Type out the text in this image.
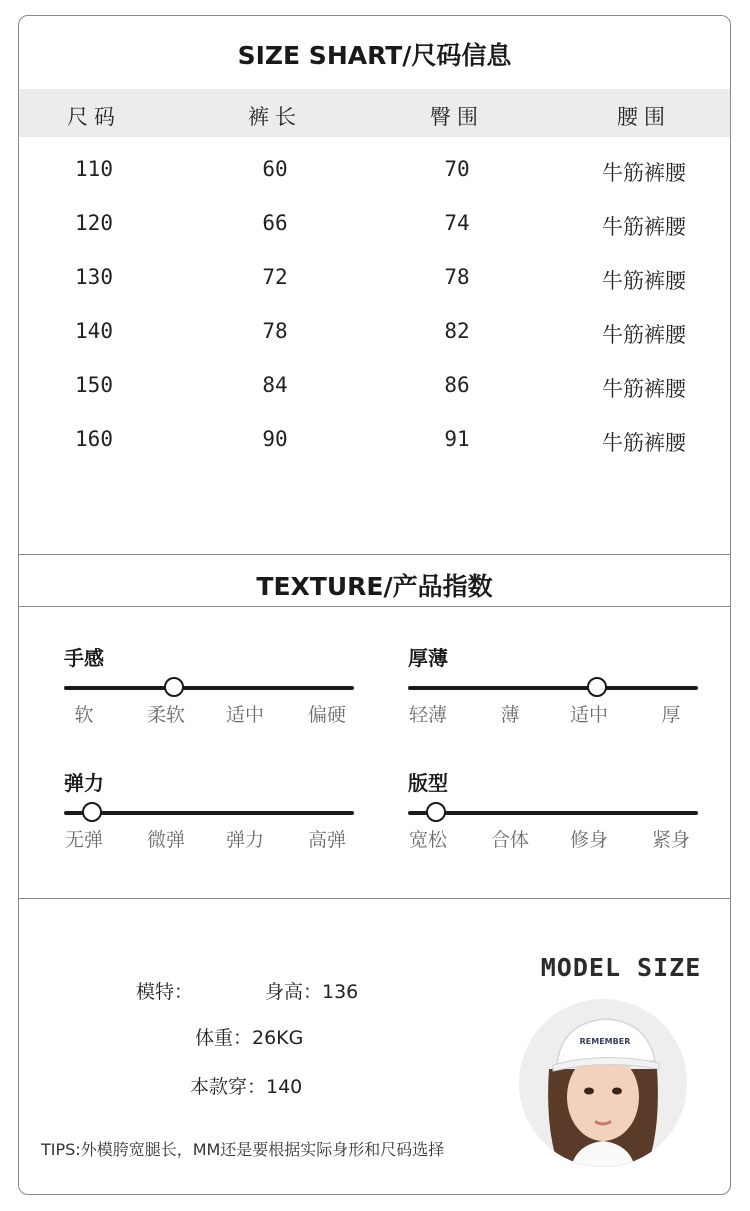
SIZE SHART/尺码信息
尺码	裤长	臀围	腰围
110	60	70	牛筋裤腰
120	66	74	牛筋裤腰
130	72	78	牛筋裤腰
140	78	82	牛筋裤腰
150	84	86	牛筋裤腰
160	90	91	牛筋裤腰
TEXTURE/产品指数
手感
软	柔软 适中 偏硬
厚薄
轻薄	薄	适中	厚
弹力
无弹 微弹 弹力 高弹
版型
宽松 合体 修身 紧身
模特：	身高：136
体重：26KG
本款穿：140
MODEL SIZE
TIPS:外模胯宽腿长，MM还是要根据实际身形和尺码选择
REMEMBER
